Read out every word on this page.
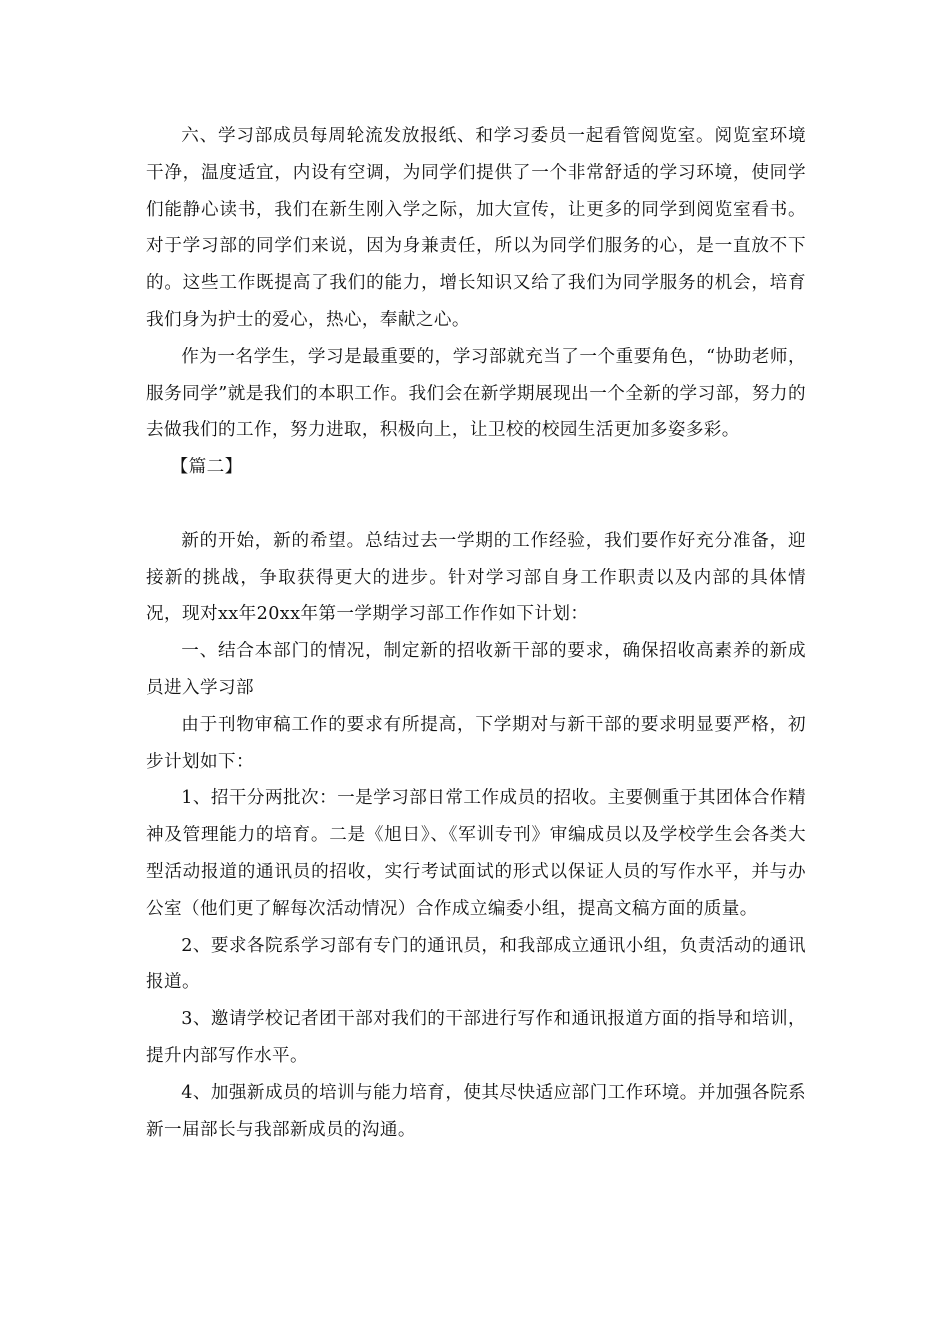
六、学习部成员每周轮流发放报纸、和学习委员一起看管阅览室。阅览室环境干净，温度适宜，内设有空调，为同学们提供了一个非常舒适的学习环境，使同学们能静心读书，我们在新生刚入学之际，加大宣传，让更多的同学到阅览室看书。对于学习部的同学们来说，因为身兼责任，所以为同学们服务的心，是一直放不下的。这些工作既提高了我们的能力，增长知识又给了我们为同学服务的机会，培育我们身为护士的爱心，热心，奉献之心。

作为一名学生，学习是最重要的，学习部就充当了一个重要角色，“协助老师，服务同学”就是我们的本职工作。我们会在新学期展现出一个全新的学习部，努力的去做我们的工作，努力进取，积极向上，让卫校的校园生活更加多姿多彩。

【篇二】

新的开始，新的希望。总结过去一学期的工作经验，我们要作好充分准备，迎接新的挑战，争取获得更大的进步。针对学习部自身工作职责以及内部的具体情况，现对xx年20xx年第一学期学习部工作作如下计划：

一、结合本部门的情况，制定新的招收新干部的要求，确保招收高素养的新成员进入学习部

由于刊物审稿工作的要求有所提高，下学期对与新干部的要求明显要严格，初步计划如下：

1、招干分两批次：一是学习部日常工作成员的招收。主要侧重于其团体合作精神及管理能力的培育。二是《旭日》、《军训专刊》审编成员以及学校学生会各类大型活动报道的通讯员的招收，实行考试面试的形式以保证人员的写作水平，并与办公室（他们更了解每次活动情况）合作成立编委小组，提高文稿方面的质量。

2、要求各院系学习部有专门的通讯员，和我部成立通讯小组，负责活动的通讯报道。

3、邀请学校记者团干部对我们的干部进行写作和通讯报道方面的指导和培训，提升内部写作水平。

4、加强新成员的培训与能力培育，使其尽快适应部门工作环境。并加强各院系新一届部长与我部新成员的沟通。
